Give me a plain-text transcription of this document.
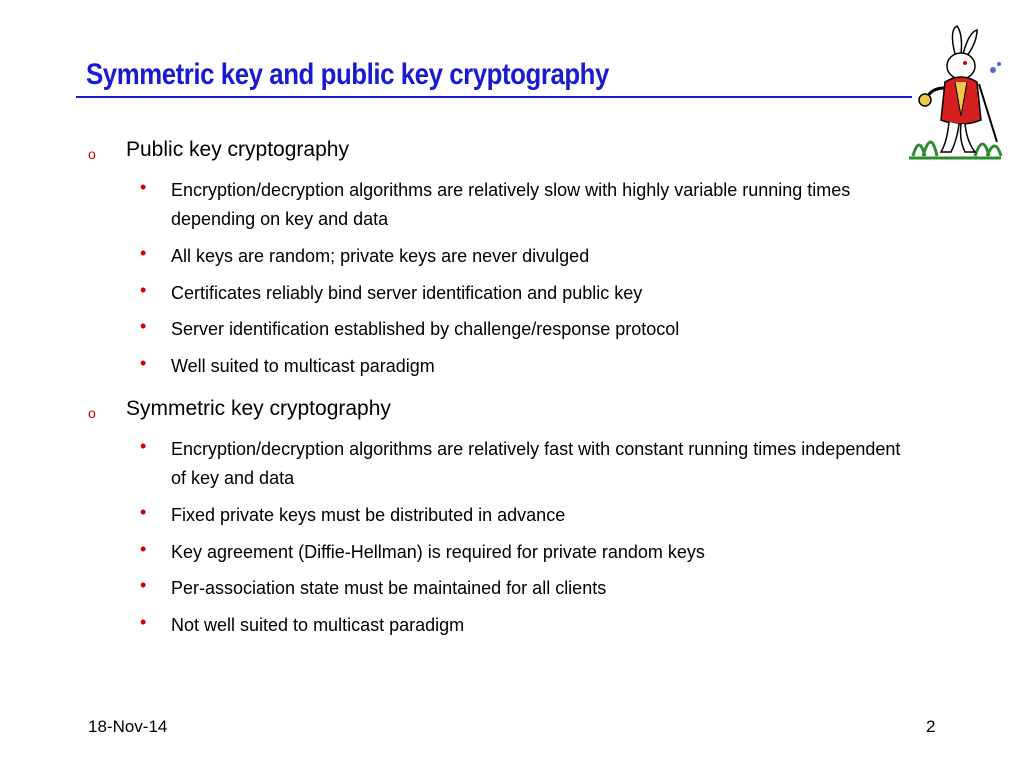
Symmetric key and public key cryptography
o Public key cryptography
• Encryption/decryption algorithms are relatively slow with highly variable running times depending on key and data
• All keys are random; private keys are never divulged
• Certificates reliably bind server identification and public key
• Server identification established by challenge/response protocol
• Well suited to multicast paradigm
o Symmetric key cryptography
• Encryption/decryption algorithms are relatively fast with constant running times independent of key and data
• Fixed private keys must be distributed in advance
• Key agreement (Diffie-Hellman) is required for private random keys
• Per-association state must be maintained for all clients
• Not well suited to multicast paradigm
18-Nov-14	2
